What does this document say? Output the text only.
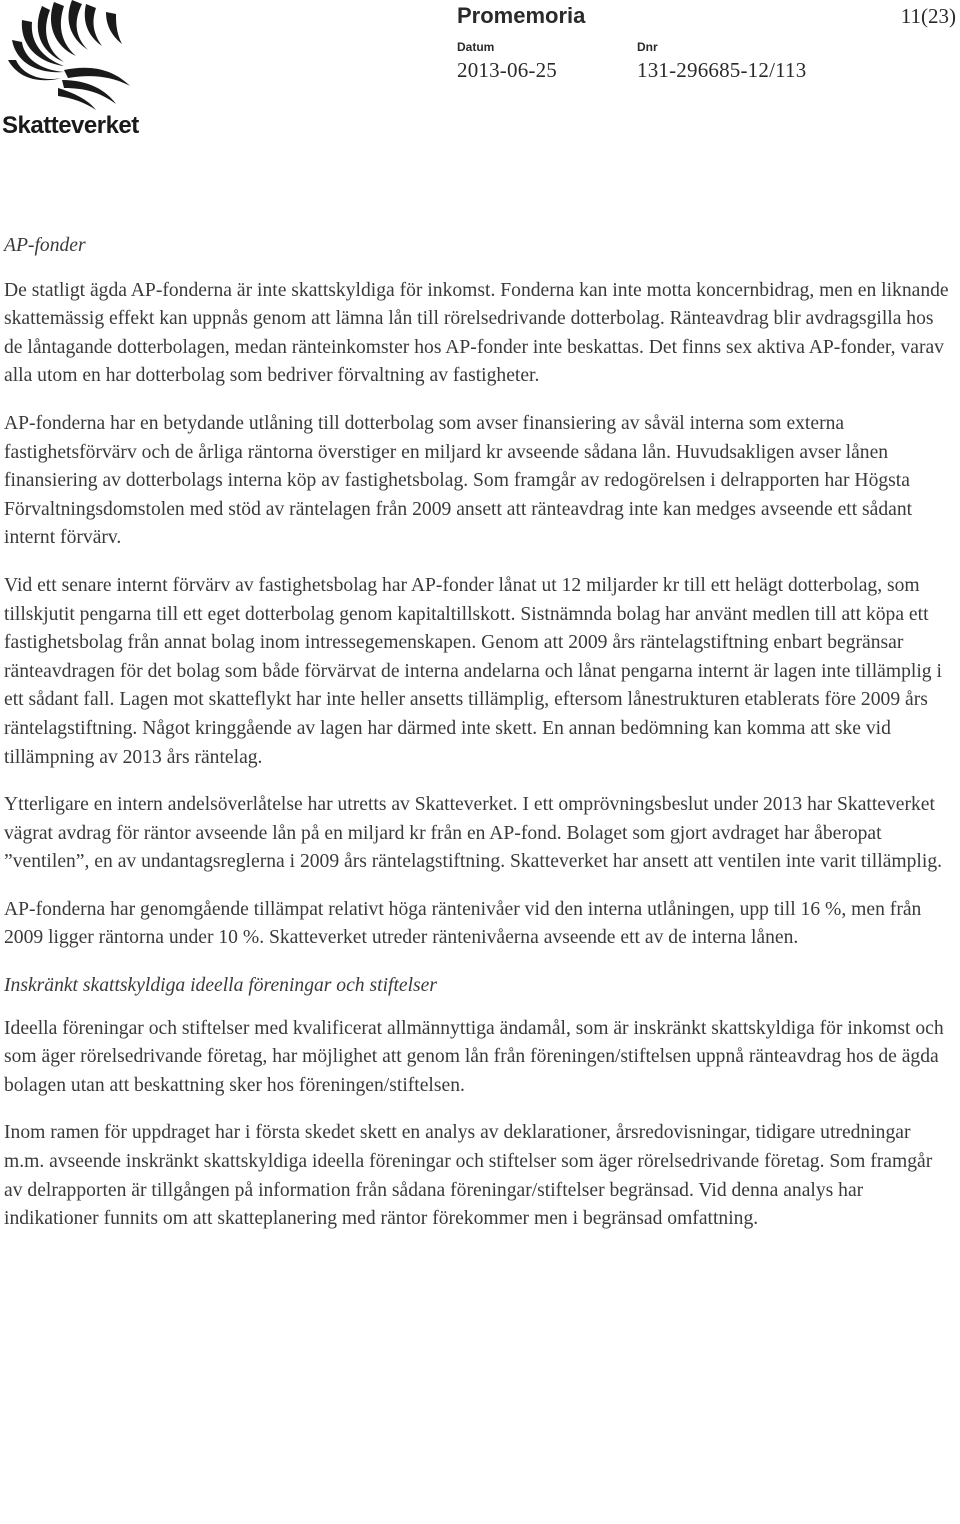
Skatteverket
Promemoria	11(23)
Datum
2013-06-25
Dnr
131-296685-12/113
AP-fonder

De statligt ägda AP-fonderna är inte skattskyldiga för inkomst. Fonderna kan inte motta koncernbidrag, men en liknande skattemässig effekt kan uppnås genom att lämna lån till rörelsedrivande dotterbolag. Ränteavdrag blir avdragsgilla hos de låntagande dotterbolagen, medan ränteinkomster hos AP-fonder inte beskattas. Det finns sex aktiva AP-fonder, varav alla utom en har dotterbolag som bedriver förvaltning av fastigheter.

AP-fonderna har en betydande utlåning till dotterbolag som avser finansiering av såväl interna som externa fastighetsförvärv och de årliga räntorna överstiger en miljard kr avseende sådana lån. Huvudsakligen avser lånen finansiering av dotterbolags interna köp av fastighetsbolag. Som framgår av redogörelsen i delrapporten har Högsta Förvaltningsdomstolen med stöd av räntelagen från 2009 ansett att ränteavdrag inte kan medges avseende ett sådant internt förvärv.

Vid ett senare internt förvärv av fastighetsbolag har AP-fonder lånat ut 12 miljarder kr till ett helägt dotterbolag, som tillskjutit pengarna till ett eget dotterbolag genom kapitaltillskott. Sistnämnda bolag har använt medlen till att köpa ett fastighetsbolag från annat bolag inom intressegemenskapen. Genom att 2009 års räntelagstiftning enbart begränsar ränteavdragen för det bolag som både förvärvat de interna andelarna och lånat pengarna internt är lagen inte tillämplig i ett sådant fall. Lagen mot skatteflykt har inte heller ansetts tillämplig, eftersom lånestrukturen etablerats före 2009 års räntelagstiftning. Något kringgående av lagen har därmed inte skett. En annan bedömning kan komma att ske vid tillämpning av 2013 års räntelag.

Ytterligare en intern andelsöverlåtelse har utretts av Skatteverket. I ett omprövningsbeslut under 2013 har Skatteverket vägrat avdrag för räntor avseende lån på en miljard kr från en AP-fond. Bolaget som gjort avdraget har åberopat ”ventilen”, en av undantagsreglerna i 2009 års räntelagstiftning. Skatteverket har ansett att ventilen inte varit tillämplig.

AP-fonderna har genomgående tillämpat relativt höga räntenivåer vid den interna utlåningen, upp till 16 %, men från 2009 ligger räntorna under 10 %. Skatteverket utreder räntenivåerna avseende ett av de interna lånen.

Inskränkt skattskyldiga ideella föreningar och stiftelser

Ideella föreningar och stiftelser med kvalificerat allmännyttiga ändamål, som är inskränkt skattskyldiga för inkomst och som äger rörelsedrivande företag, har möjlighet att genom lån från föreningen/stiftelsen uppnå ränteavdrag hos de ägda bolagen utan att beskattning sker hos föreningen/stiftelsen.

Inom ramen för uppdraget har i första skedet skett en analys av deklarationer, årsredovisningar, tidigare utredningar m.m. avseende inskränkt skattskyldiga ideella föreningar och stiftelser som äger rörelsedrivande företag. Som framgår av delrapporten är tillgången på information från sådana föreningar/stiftelser begränsad. Vid denna analys har indikationer funnits om att skatteplanering med räntor förekommer men i begränsad omfattning.
